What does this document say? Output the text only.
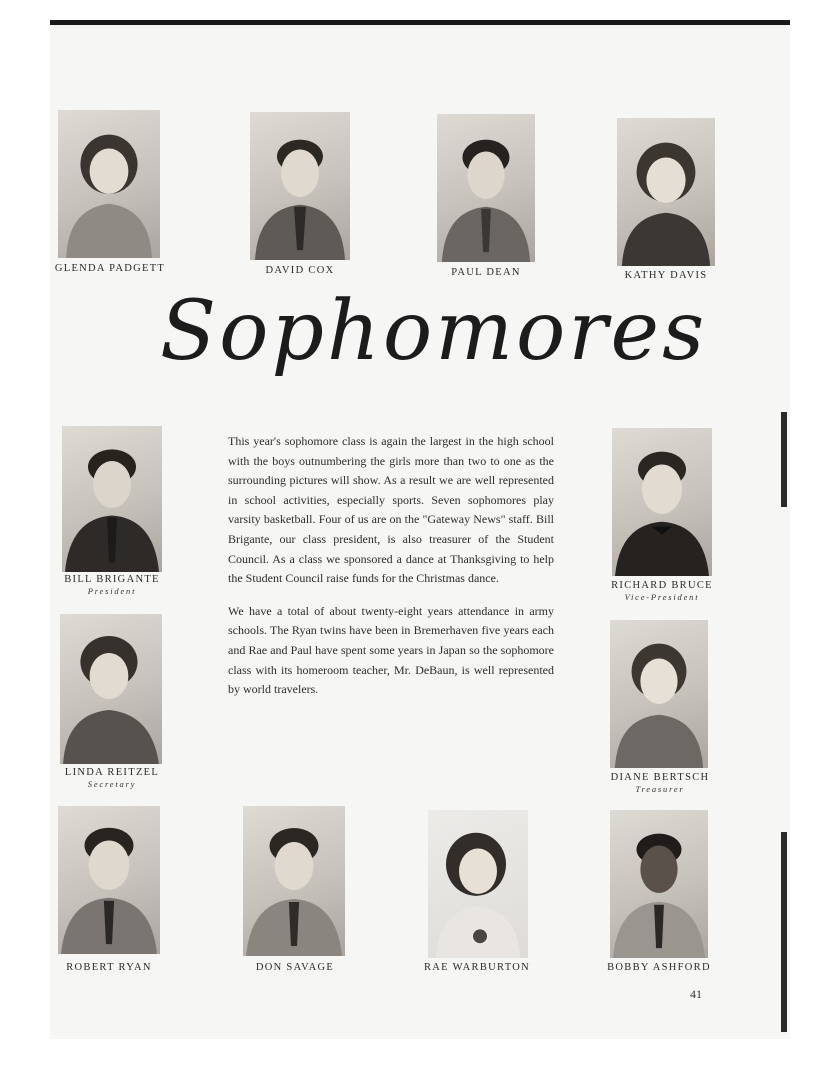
GLENDA PADGETT	DAVID COX	PAUL DEAN	KATHY DAVIS
Sophomores
BILL BRIGANTE
President
LINDA REITZEL
Secretary

This year's sophomore class is again the largest in the high school with the boys outnumbering the girls more than two to one as the surrounding pictures will show. As a result we are well represented in school activities, especially sports. Seven sophomores play varsity basketball. Four of us are on the "Gateway News" staff. Bill Brigante, our class president, is also treasurer of the Student Council. As a class we sponsored a dance at Thanksgiving to help the Student Council raise funds for the Christmas dance.

We have a total of about twenty-eight years attendance in army schools. The Ryan twins have been in Bremerhaven five years each and Rae and Paul have spent some years in Japan so the sophomore class with its homeroom teacher, Mr. DeBaun, is well represented by world travelers.

RICHARD BRUCE
Vice-President
DIANE BERTSCH
Treasurer
ROBERT RYAN	DON SAVAGE	RAE WARBURTON	BOBBY ASHFORD
41
